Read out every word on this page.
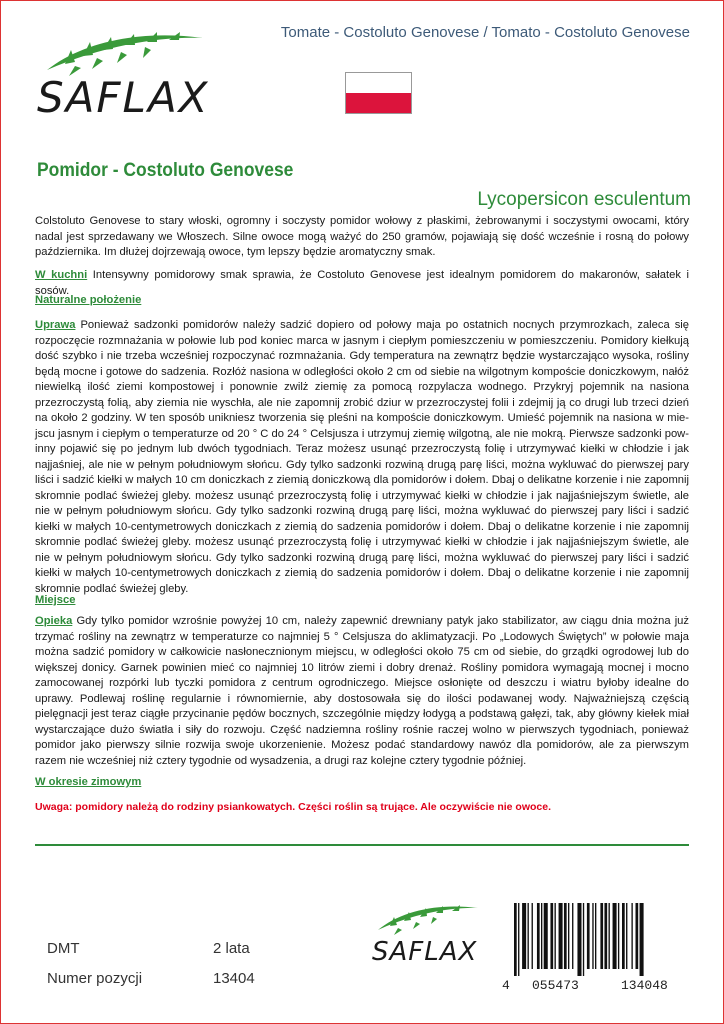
SAFLAX
Tomate - Costoluto Genovese / Tomato - Costoluto Genovese
Pomidor - Costoluto Genovese
Lycopersicon esculentum
Colstoluto Genovese to stary włoski, ogromny i soczysty pomidor wołowy z płaskimi, żebrowanymi i soczystymi owocami, który nadal jest sprzedawany we Włoszech. Silne owoce mogą ważyć do 250 gramów, pojawiają się dość wcześnie i rosną do połowy października. Im dłużej dojrzewają owoce, tym lepszy będzie aromatyczny smak.
W kuchni Intensywny pomidorowy smak sprawia, że Costoluto Genovese jest idealnym pomidorem do makaronów, sałatek i sosów.
Naturalne położenie
Uprawa Ponieważ sadzonki pomidorów należy sadzić dopiero od połowy maja po ostatnich nocnych przymrozkach, zaleca się rozpoczęcie rozmnażania w połowie lub pod koniec marca w jasnym i ciepłym pomieszczeniu w pomieszczeniu. Pomidory kiełkują dość szybko i nie trzeba wcześniej rozpoczynać rozmnażania. Gdy temperatura na zewnątrz będzie wystarczająco wysoka, rośliny będą mocne i gotowe do sadzenia. Rozłóż nasiona w odległości około 2 cm od siebie na wilgotnym kompoście doniczkowym, nałóż niewielką ilość ziemi kompostowej i ponownie zwilż ziemię za pomocą rozpylacza wodnego. Przykryj pojemnik na nasiona przezroczystą folią, aby ziemia nie wyschła, ale nie zapomnij zrobić dziur w przezroczystej folii i zdejmij ją co drugi lub trzeci dzień na około 2 godziny. W ten sposób unikniesz tworzenia się pleśni na kompoście doniczkowym. Umieść pojemnik na nasiona w mie-jscu jasnym i ciepłym o temperaturze od 20 ° C do 24 ° Celsjusza i utrzymuj ziemię wilgotną, ale nie mokrą. Pierwsze sadzonki pow-inny pojawić się po jednym lub dwóch tygodniach. Teraz możesz usunąć przezroczystą folię i utrzymywać kiełki w chłodzie i jak najjaśniej, ale nie w pełnym południowym słońcu. Gdy tylko sadzonki rozwiną drugą parę liści, można wykluwać do pierwszej pary liści i sadzić kiełki w małych 10 cm doniczkach z ziemią doniczkową dla pomidorów i dołem. Dbaj o delikatne korzenie i nie zapomnij skromnie podlać świeżej gleby. możesz usunąć przezroczystą folię i utrzymywać kiełki w chłodzie i jak najjaśniejszym świetle, ale nie w pełnym południowym słońcu. Gdy tylko sadzonki rozwiną drugą parę liści, można wykluwać do pierwszej pary liści i sadzić kiełki w małych 10-centymetrowych doniczkach z ziemią do sadzenia pomidorów i dołem. Dbaj o delikatne korzenie i nie zapomnij skromnie podlać świeżej gleby. możesz usunąć przezroczystą folię i utrzymywać kiełki w chłodzie i jak najjaśniejszym świetle, ale nie w pełnym południowym słońcu. Gdy tylko sadzonki rozwiną drugą parę liści, można wykluwać do pierwszej pary liści i sadzić kiełki w małych 10-centymetrowych doniczkach z ziemią do sadzenia pomidorów i dołem. Dbaj o delikatne korzenie i nie zapomnij skromnie podlać świeżej gleby.
Miejsce
Opieka Gdy tylko pomidor wzrośnie powyżej 10 cm, należy zapewnić drewniany patyk jako stabilizator, aw ciągu dnia można już trzymać rośliny na zewnątrz w temperaturze co najmniej 5 ° Celsjusza do aklimatyzacji. Po „Lodowych Świętych” w połowie maja można sadzić pomidory w całkowicie nasłonecznionym miejscu, w odległości około 75 cm od siebie, do grządki ogrodowej lub do większej donicy. Garnek powinien mieć co najmniej 10 litrów ziemi i dobry drenaż. Rośliny pomidora wymagają mocnej i mocno zamocowanej rozpórki lub tyczki pomidora z centrum ogrodniczego. Miejsce osłonięte od deszczu i wiatru byłoby idealne do uprawy. Podlewaj roślinę regularnie i równomiernie, aby dostosowała się do ilości podawanej wody. Najważniejszą częścią pielęgnacji jest teraz ciągłe przycinanie pędów bocznych, szczególnie między łodygą a podstawą gałęzi, tak, aby główny kiełek miał wystarczające dużo światła i siły do rozwoju. Część nadziemna rośliny rośnie raczej wolno w pierwszych tygodniach, ponieważ pomidor jako pierwszy silnie rozwija swoje ukorzenienie. Możesz podać standardowy nawóz dla pomidorów, ale za pierwszym razem nie wcześniej niż cztery tygodnie od wysadzenia, a drugi raz kolejne cztery tygodnie później.
W okresie zimowym
Uwaga: pomidory należą do rodziny psiankowatych. Części roślin są trujące. Ale oczywiście nie owoce.
DMT	2 lata
Numer pozycji	13404
SAFLAX
4 055473	134048
